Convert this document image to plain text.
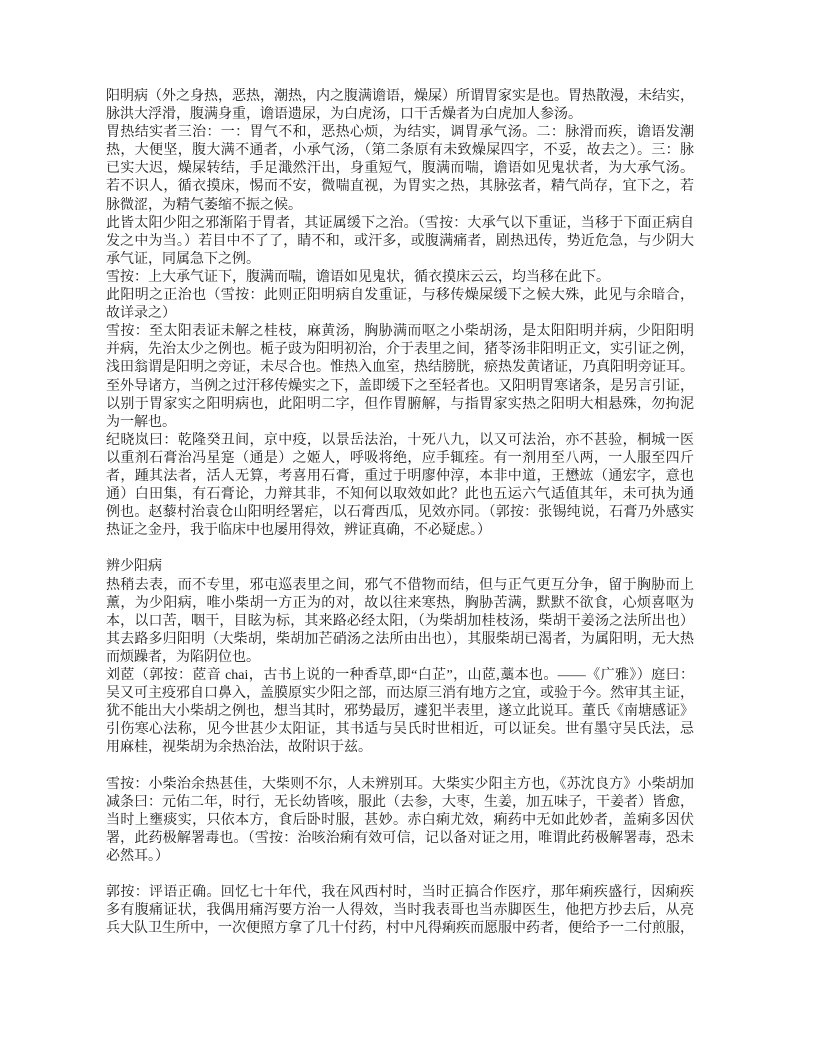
阳明病（外之身热，恶热，潮热，内之腹满谵语，燥屎）所谓胃家实是也。胃热散漫，未结实，
脉洪大浮滑，腹满身重，谵语遗尿，为白虎汤，口干舌燥者为白虎加人参汤。
胃热结实者三治：一：胃气不和，恶热心烦，为结实，调胃承气汤。二：脉滑而疾，谵语发潮
热，大便坚，腹大满不通者，小承气汤，（第二条原有未致燥屎四字，不妥，故去之）。三：脉
已实大迟，燥屎转结，手足濈然汗出，身重短气，腹满而喘，谵语如见鬼状者，为大承气汤。
若不识人，循衣摸床，惕而不安，微喘直视，为胃实之热，其脉弦者，精气尚存，宜下之，若
脉微涩，为精气萎缩不振之候。
此皆太阳少阳之邪渐陷于胃者，其证属缓下之治。（雪按：大承气以下重证，当移于下面正病自
发之中为当。）若目中不了了，睛不和，或汗多，或腹满痛者，剧热迅传，势近危急，与少阴大
承气证，同属急下之例。
雪按：上大承气证下，腹满而喘，谵语如见鬼状，循衣摸床云云，均当移在此下。
此阳明之正治也（雪按：此则正阳明病自发重证，与移传燥屎缓下之候大殊，此见与余暗合，
故详录之）
雪按：至太阳表证未解之桂枝，麻黄汤，胸胁满而呕之小柴胡汤，是太阳阳明并病，少阳阳明
并病，先治太少之例也。栀子豉为阳明初治，介于表里之间，猪苓汤非阳明正文，实引证之例，
浅田翁谓是阳明之旁证，未尽合也。惟热入血室，热结膀胱，瘀热发黄诸证，乃真阳明旁证耳。
至外导诸方，当例之过汗移传燥实之下，盖即缓下之至轻者也。又阳明胃寒诸条，是另言引证，
以别于胃家实之阳明病也，此阳明二字，但作胃腑解，与指胃家实热之阳明大相悬殊，勿拘泥
为一解也。
纪晓岚曰：乾隆癸丑间，京中疫，以景岳法治，十死八九，以又可法治，亦不甚验，桐城一医
以重剂石膏治冯星寔（通是）之姬人，呼吸将绝，应手辄痊。有一剂用至八两，一人服至四斤
者，踵其法者，活人无算，考喜用石膏，重过于明廖仲淳，本非中道，王懋竑（通宏字，意也
通）白田集，有石膏论，力辩其非，不知何以取效如此？此也五运六气适值其年，未可执为通
例也。赵藜村治袁仓山阳明经署疟，以石膏西瓜，见效亦同。（郭按：张锡纯说，石膏乃外感实
热证之金丹，我于临床中也屡用得效，辨证真确，不必疑虑。）
辨少阳病
热稍去表，而不专里，邪屯巡表里之间，邪气不借物而结，但与正气更互分争，留于胸胁而上
薰，为少阳病，唯小柴胡一方正为的对，故以往来寒热，胸胁苦满，默默不欲食，心烦喜呕为
本，以口苦，咽干，目眩为标，其来路必经太阳，（为柴胡加桂枝汤，柴胡干姜汤之法所出也）
其去路多归阳明（大柴胡，柴胡加芒硝汤之法所由出也），其服柴胡已渴者，为属阳明，无大热
而烦躁者，为陷阴位也。
刘茝（郭按：茝音 chai，古书上说的一种香草,即“白芷”，山茝,藁本也。——《广雅》）庭曰：
吴又可主疫邪自口鼻入，盖膜原实少阳之部，而达原三消有地方之宜，或验于今。然审其主证，
犹不能出大小柴胡之例也，想当其时，邪势最厉，遽犯半表里，遂立此说耳。董氏《南塘感证》
引伤寒心法称，见今世甚少太阳证，其书适与吴氏时世相近，可以证矣。世有墨守吴氏法，忌
用麻桂，视柴胡为余热治法，故附识于兹。
雪按：小柴治余热甚佳，大柴则不尔，人未辨别耳。大柴实少阳主方也，《苏沈良方》小柴胡加
减条曰：元佑二年，时行，无长幼皆咳，服此（去参，大枣，生姜，加五味子，干姜者）皆愈，
当时上壅痰实，只依本方，食后卧时服，甚妙。赤白痢尤效，痢药中无如此妙者，盖痢多因伏
署，此药极解署毒也。（雪按：治咳治痢有效可信，记以备对证之用，唯谓此药极解署毒，恐未
必然耳。）
郭按：评语正确。回忆七十年代，我在风西村时，当时正搞合作医疗，那年痢疾盛行，因痢疾
多有腹痛证状，我偶用痛泻要方治一人得效，当时我表哥也当赤脚医生，他把方抄去后，从亮
兵大队卫生所中，一次便照方拿了几十付药，村中凡得痢疾而愿服中药者，便给予一二付煎服，
